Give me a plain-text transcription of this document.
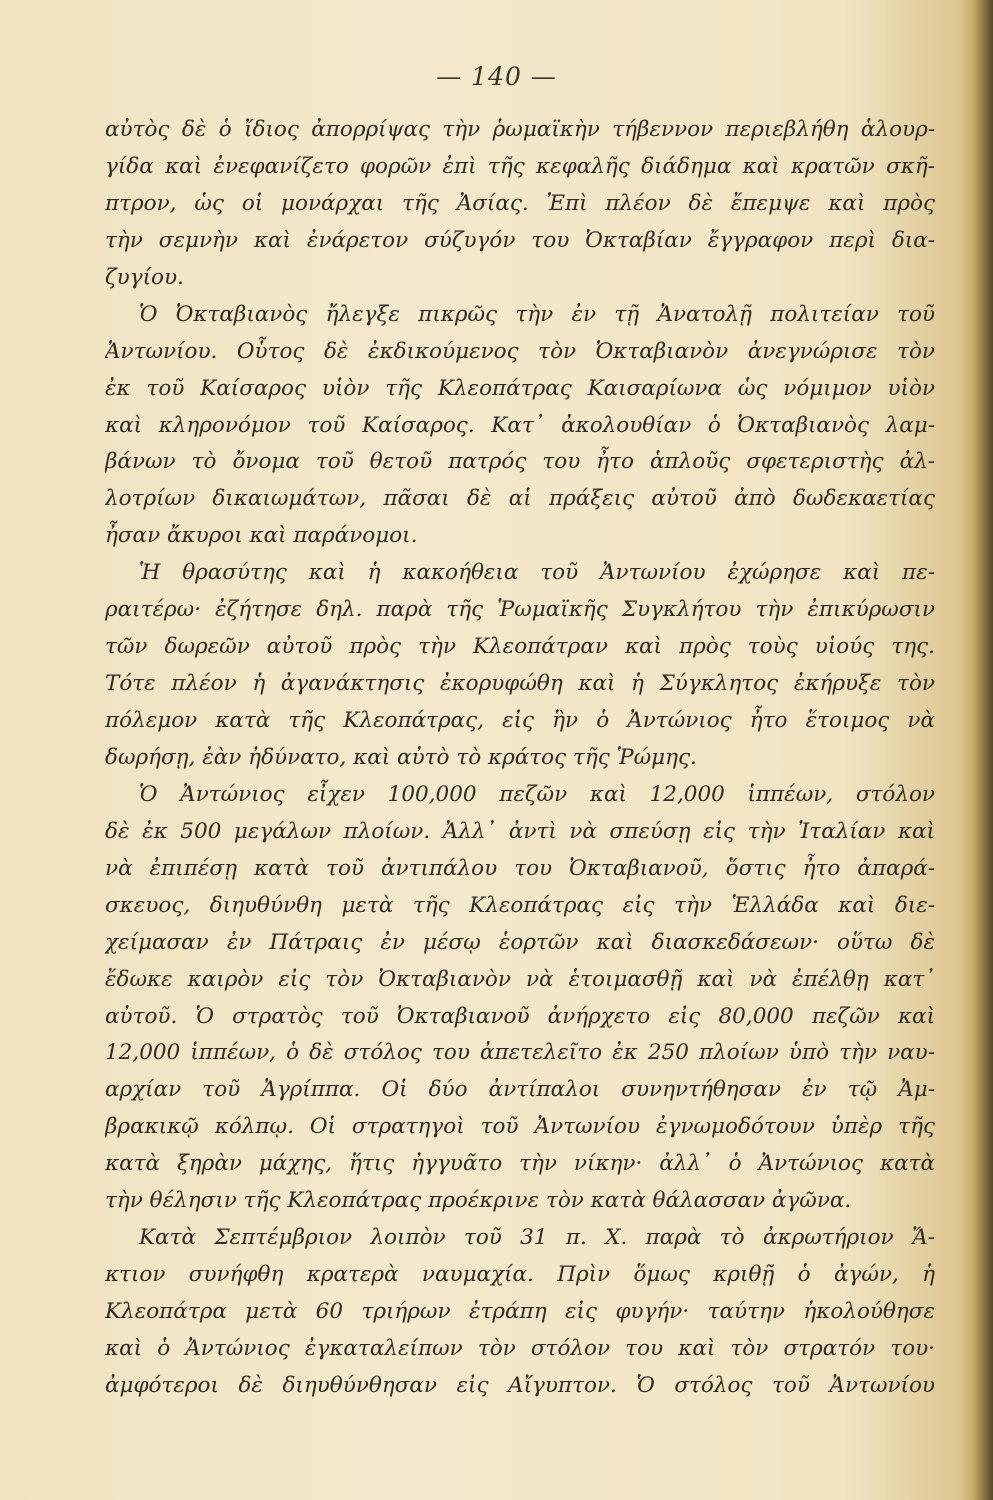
— 140 —
αὐτὸς δὲ ὁ ἴδιος ἀπορρίψας τὴν ῥωμαϊκὴν τήβεννον περιεβλήθη ἁλουρ-
γίδα καὶ ἐνεφανίζετο φορῶν ἐπὶ τῆς κεφαλῆς διάδημα καὶ κρατῶν σκῆ-
πτρον, ὡς οἱ μονάρχαι τῆς Ἀσίας. Ἐπὶ πλέον δὲ ἔπεμψε καὶ πρὸς
τὴν σεμνὴν καὶ ἐνάρετον σύζυγόν του Ὀκταβίαν ἔγγραφον περὶ δια-
ζυγίου.
Ὁ Ὀκταβιανὸς ἤλεγξε πικρῶς τὴν ἐν τῇ Ἀνατολῇ πολιτείαν τοῦ
Ἀντωνίου. Οὗτος δὲ ἐκδικούμενος τὸν Ὀκταβιανὸν ἀνεγνώρισε τὸν
ἐκ τοῦ Καίσαρος υἱὸν τῆς Κλεοπάτρας Καισαρίωνα ὡς νόμιμον υἱὸν
καὶ κληρονόμον τοῦ Καίσαρος. Κατ᾽ ἀκολουθίαν ὁ Ὀκταβιανὸς λαμ-
βάνων τὸ ὄνομα τοῦ θετοῦ πατρός του ἦτο ἁπλοῦς σφετεριστὴς ἀλ-
λοτρίων δικαιωμάτων, πᾶσαι δὲ αἱ πράξεις αὐτοῦ ἀπὸ δωδεκαετίας
ἦσαν ἄκυροι καὶ παράνομοι.
Ἡ θρασύτης καὶ ἡ κακοήθεια τοῦ Ἀντωνίου ἐχώρησε καὶ πε-
ραιτέρω· ἐζήτησε δηλ. παρὰ τῆς Ῥωμαϊκῆς Συγκλήτου τὴν ἐπικύρωσιν
τῶν δωρεῶν αὐτοῦ πρὸς τὴν Κλεοπάτραν καὶ πρὸς τοὺς υἱούς της.
Τότε πλέον ἡ ἀγανάκτησις ἐκορυφώθη καὶ ἡ Σύγκλητος ἐκήρυξε τὸν
πόλεμον κατὰ τῆς Κλεοπάτρας, εἰς ἣν ὁ Ἀντώνιος ἦτο ἕτοιμος νὰ
δωρήσῃ, ἐὰν ἠδύνατο, καὶ αὐτὸ τὸ κράτος τῆς Ῥώμης.
Ὁ Ἀντώνιος εἶχεν 100,000 πεζῶν καὶ 12,000 ἱππέων, στόλον
δὲ ἐκ 500 μεγάλων πλοίων. Ἀλλ᾽ ἀντὶ νὰ σπεύσῃ εἰς τὴν Ἰταλίαν καὶ
νὰ ἐπιπέσῃ κατὰ τοῦ ἀντιπάλου του Ὀκταβιανοῦ, ὅστις ἦτο ἀπαρά-
σκευος, διηυθύνθη μετὰ τῆς Κλεοπάτρας εἰς τὴν Ἑλλάδα καὶ διε-
χείμασαν ἐν Πάτραις ἐν μέσῳ ἑορτῶν καὶ διασκεδάσεων· οὕτω δὲ
ἔδωκε καιρὸν εἰς τὸν Ὀκταβιανὸν νὰ ἑτοιμασθῇ καὶ νὰ ἐπέλθῃ κατ᾽
αὐτοῦ. Ὁ στρατὸς τοῦ Ὀκταβιανοῦ ἀνήρχετο εἰς 80,000 πεζῶν καὶ
12,000 ἱππέων, ὁ δὲ στόλος του ἀπετελεῖτο ἐκ 250 πλοίων ὑπὸ τὴν ναυ-
αρχίαν τοῦ Ἀγρίππα. Οἱ δύο ἀντίπαλοι συνηντήθησαν ἐν τῷ Ἀμ-
βρακικῷ κόλπῳ. Οἱ στρατηγοὶ τοῦ Ἀντωνίου ἐγνωμοδότουν ὑπὲρ τῆς
κατὰ ξηρὰν μάχης, ἥτις ἠγγυᾶτο τὴν νίκην· ἀλλ᾽ ὁ Ἀντώνιος κατὰ
τὴν θέλησιν τῆς Κλεοπάτρας προέκρινε τὸν κατὰ θάλασσαν ἀγῶνα.
Κατὰ Σεπτέμβριον λοιπὸν τοῦ 31 π. Χ. παρὰ τὸ ἀκρωτήριον Ἄ-
κτιον συνήφθη κρατερὰ ναυμαχία. Πρὶν ὅμως κριθῇ ὁ ἀγών, ἡ
Κλεοπάτρα μετὰ 60 τριήρων ἐτράπη εἰς φυγήν· ταύτην ἠκολούθησε
καὶ ὁ Ἀντώνιος ἐγκαταλείπων τὸν στόλον του καὶ τὸν στρατόν του·
ἀμφότεροι δὲ διηυθύνθησαν εἰς Αἴγυπτον. Ὁ στόλος τοῦ Ἀντωνίου
